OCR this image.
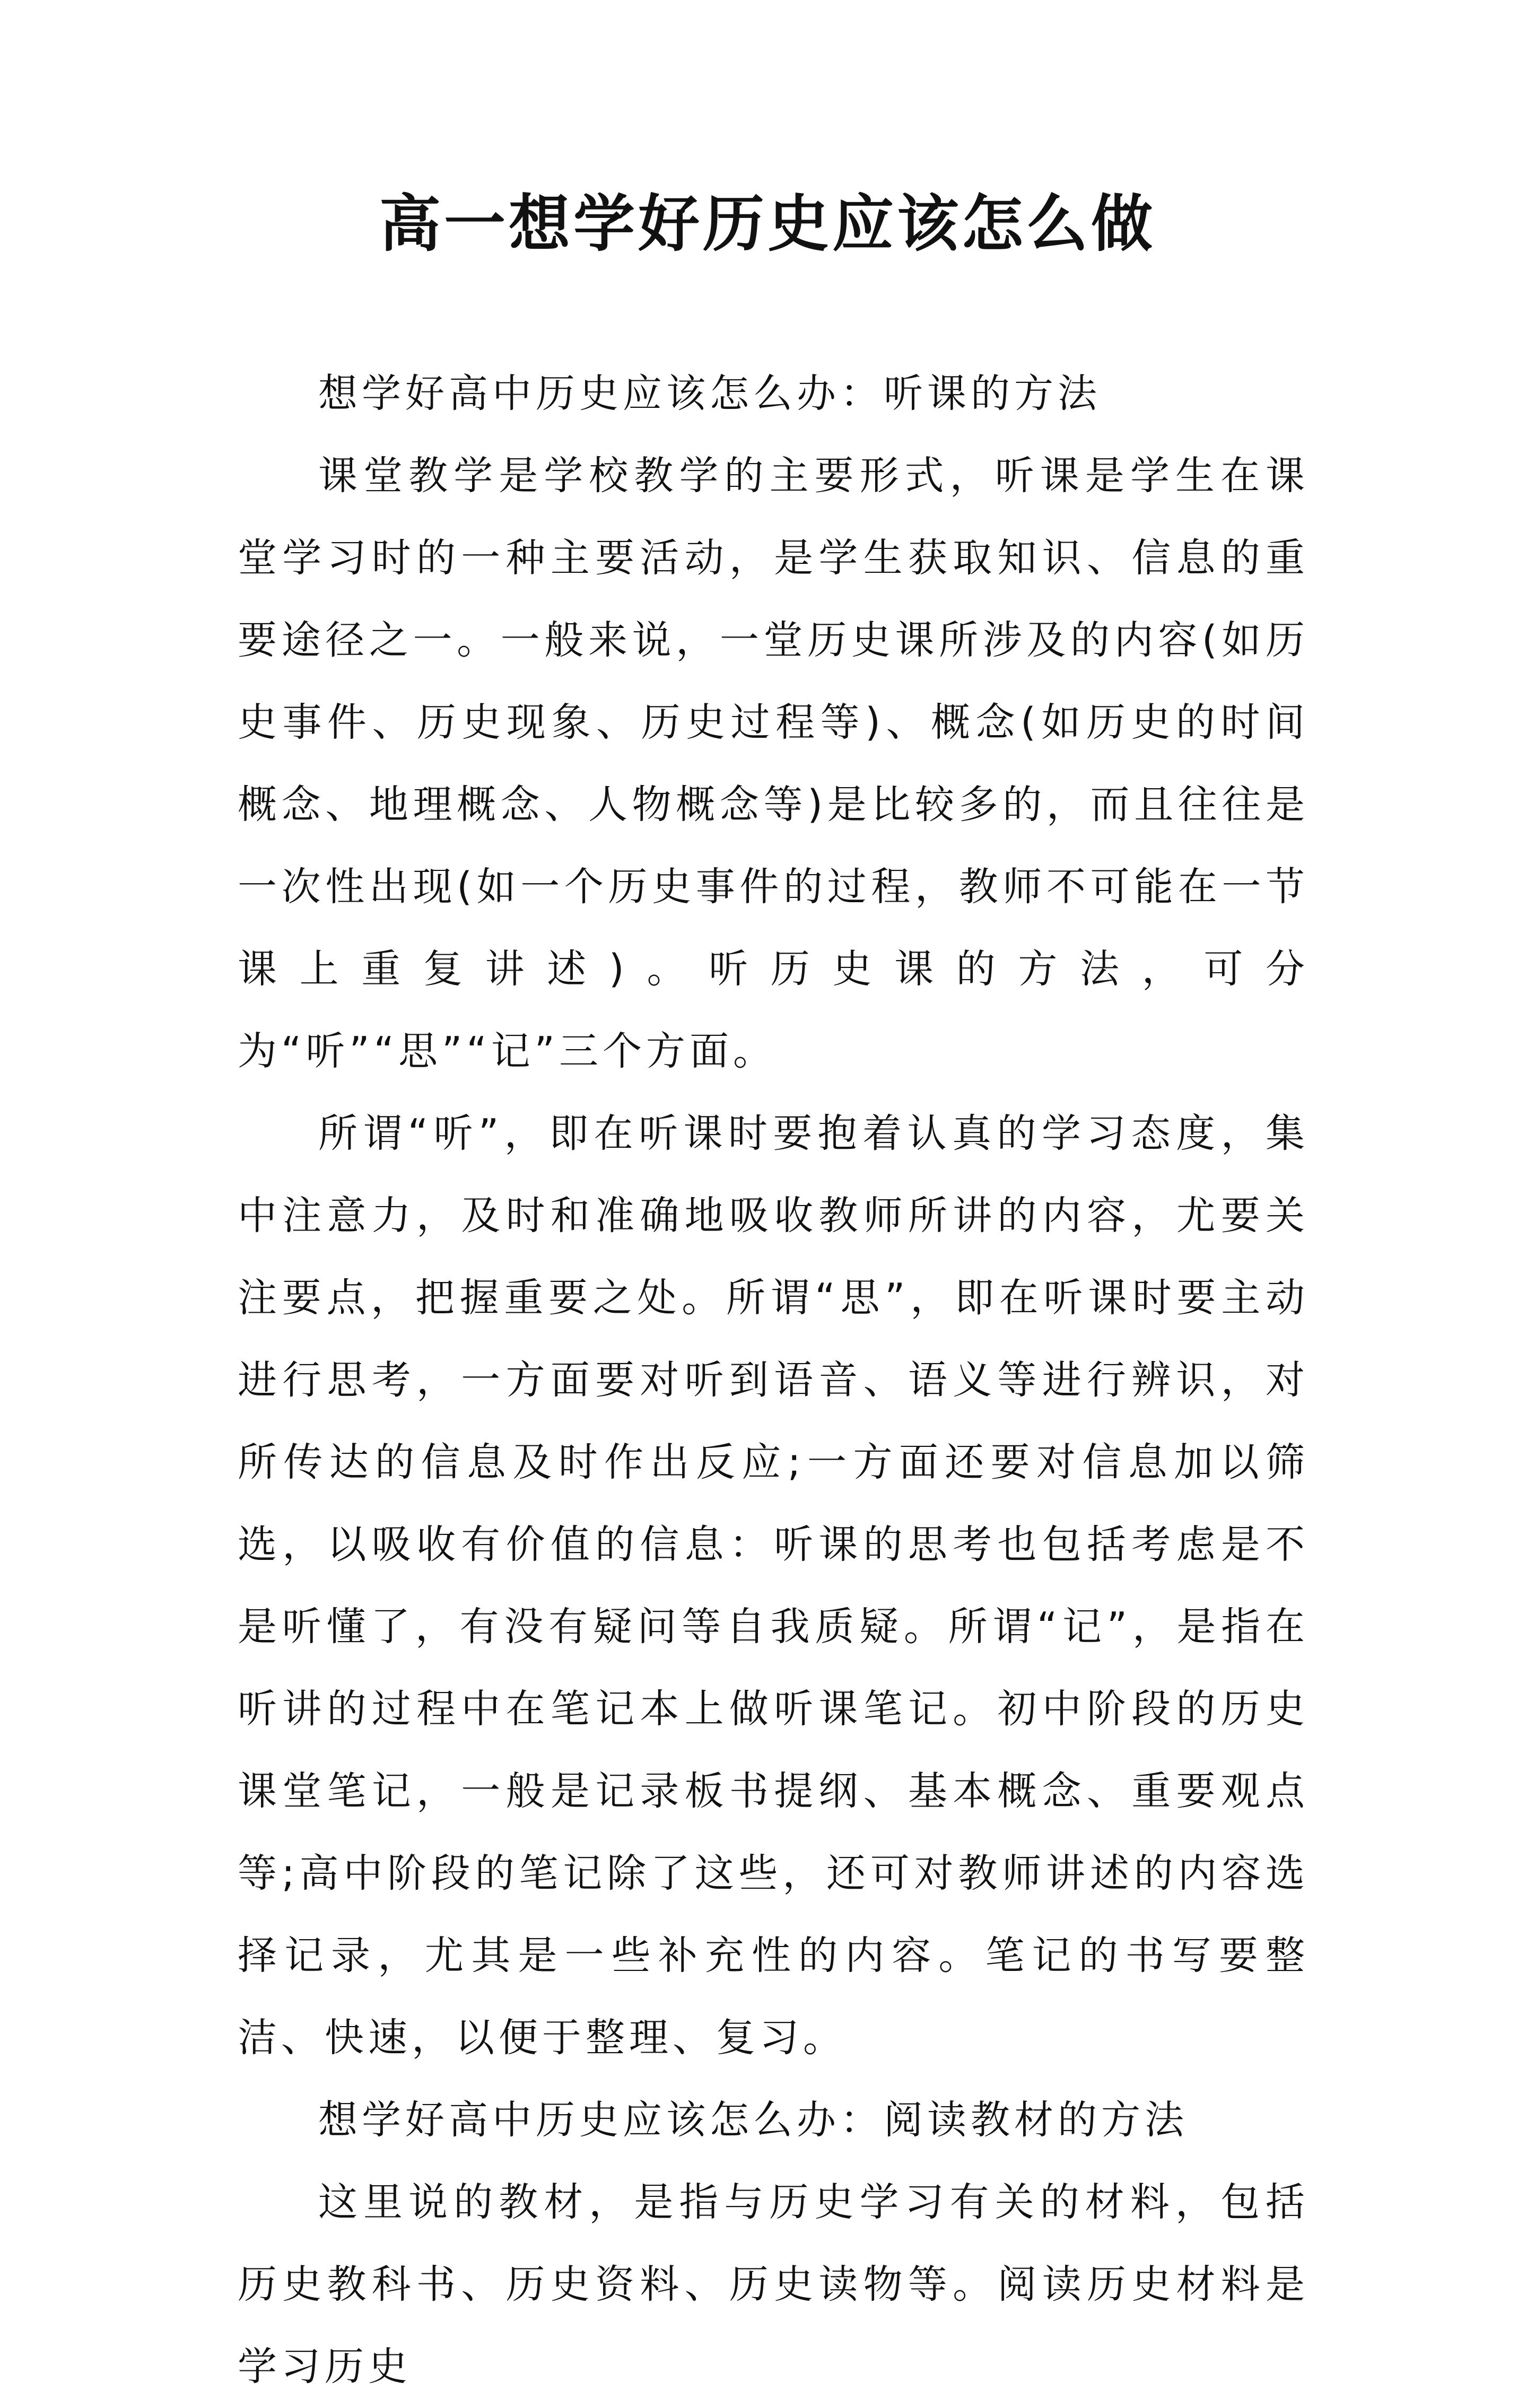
高一想学好历史应该怎么做

想学好高中历史应该怎么办：听课的方法

课堂教学是学校教学的主要形式，听课是学生在课堂学习时的一种主要活动，是学生获取知识、信息的重要途径之一。一般来说，一堂历史课所涉及的内容(如历史事件、历史现象、历史过程等)、概念(如历史的时间概念、地理概念、人物概念等)是比较多的，而且往往是一次性出现(如一个历史事件的过程，教师不可能在一节课上重复讲述)。听历史课的方法，可分为“听”“思”“记”三个方面。

所谓“听”，即在听课时要抱着认真的学习态度，集中注意力，及时和准确地吸收教师所讲的内容，尤要关注要点，把握重要之处。所谓“思”，即在听课时要主动进行思考，一方面要对听到语音、语义等进行辨识，对所传达的信息及时作出反应;一方面还要对信息加以筛选，以吸收有价值的信息：听课的思考也包括考虑是不是听懂了，有没有疑问等自我质疑。所谓“记”，是指在听讲的过程中在笔记本上做听课笔记。初中阶段的历史课堂笔记，一般是记录板书提纲、基本概念、重要观点等;高中阶段的笔记除了这些，还可对教师讲述的内容选择记录，尤其是一些补充性的内容。笔记的书写要整洁、快速，以便于整理、复习。

想学好高中历史应该怎么办：阅读教材的方法

这里说的教材，是指与历史学习有关的材料，包括历史教科书、历史资料、历史读物等。阅读历史材料是学习历史
